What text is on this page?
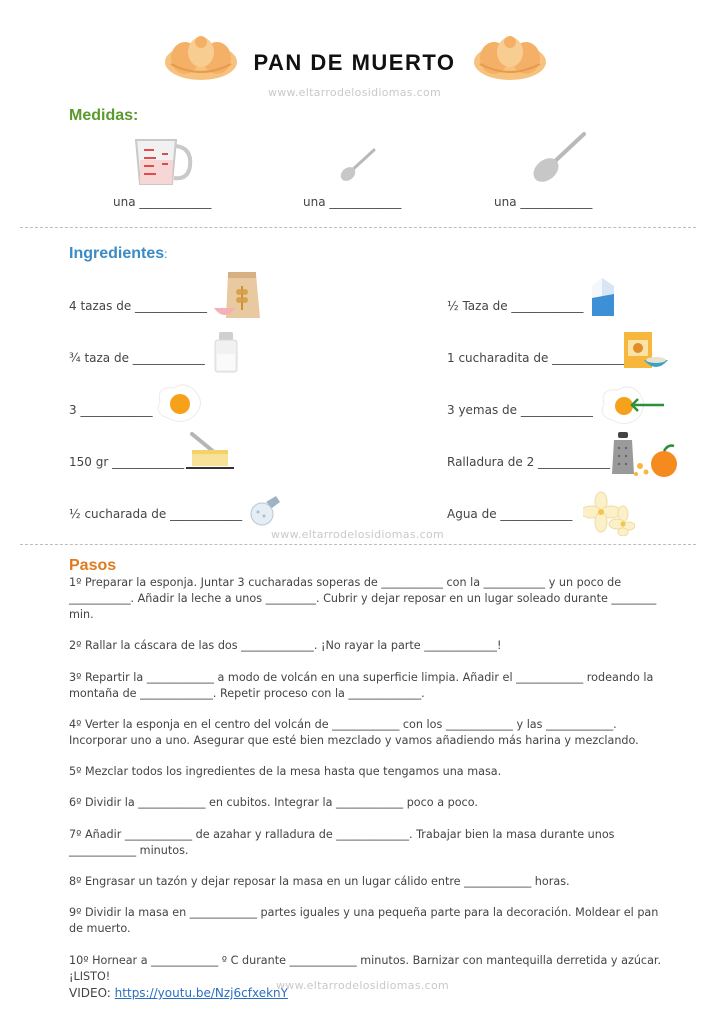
PAN DE MUERTO
www.eltarrodelosidiomas.com
Medidas:
una ____________	una ____________	una ____________
Ingredientes:
4 tazas de ____________
¾ taza de ____________
3 ____________
150 gr ____________
½ cucharada de ____________
½ Taza de ____________
1 cucharadita de ____________
3 yemas de ____________
Ralladura de 2 ____________
Agua de ____________
www.eltarrodelosidiomas.com
Pasos

1º Preparar la esponja. Juntar 3 cucharadas soperas de ___________ con la ___________ y un poco de ___________. Añadir la leche a unos _________. Cubrir y dejar reposar en un lugar soleado durante ________ min.

2º Rallar la cáscara de las dos _____________. ¡No rayar la parte _____________!

3º Repartir la ____________ a modo de volcán en una superficie limpia. Añadir el ____________ rodeando la montaña de _____________. Repetir proceso con la _____________.

4º Verter la esponja en el centro del volcán de ____________ con los ____________ y las ____________. Incorporar uno a uno. Asegurar que esté bien mezclado y vamos añadiendo más harina y mezclando.

5º Mezclar todos los ingredientes de la mesa hasta que tengamos una masa.

6º Dividir la ____________ en cubitos. Integrar la ____________ poco a poco.

7º Añadir ____________ de azahar y ralladura de _____________. Trabajar bien la masa durante unos ____________ minutos.

8º Engrasar un tazón y dejar reposar la masa en un lugar cálido entre ____________ horas.

9º Dividir la masa en ____________ partes iguales y una pequeña parte para la decoración. Moldear el pan de muerto.

10º Hornear a ____________ º C durante ____________ minutos. Barnizar con mantequilla derretida y azúcar. ¡LISTO!

VIDEO: https://youtu.be/Nzj6cfxeknY
www.eltarrodelosidiomas.com
